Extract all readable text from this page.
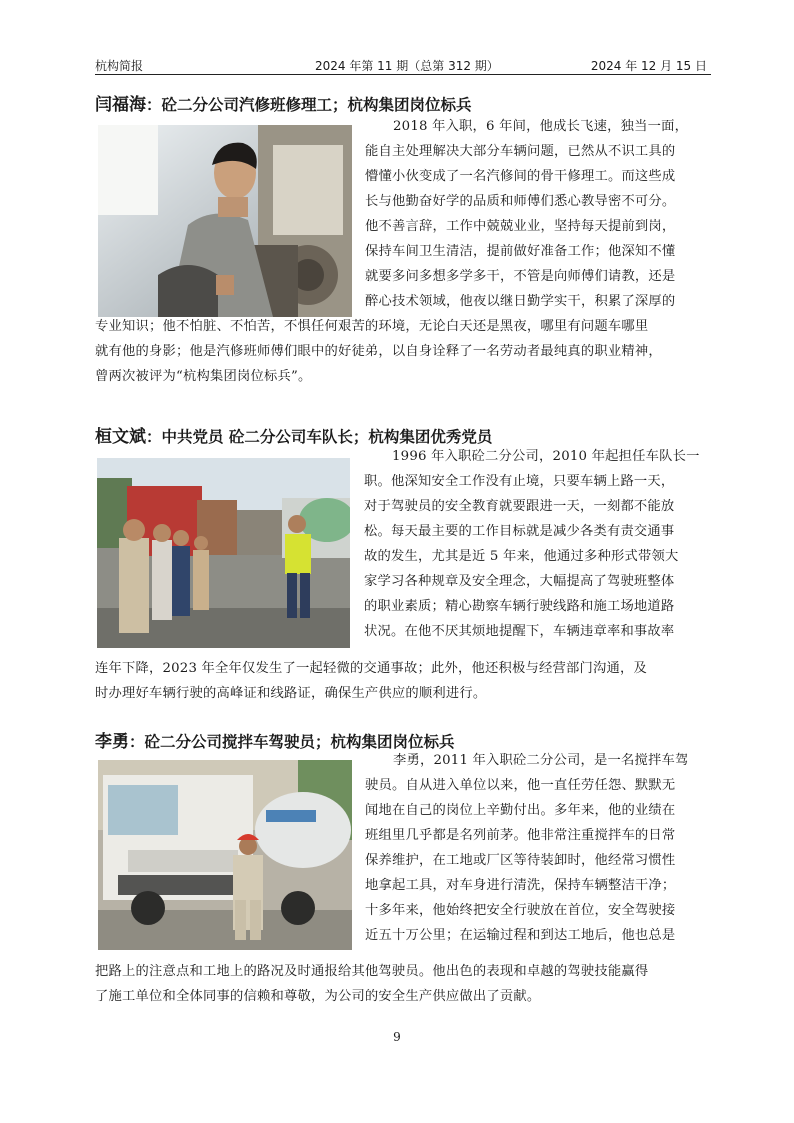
杭构简报	2024 年第 11 期（总第 312 期）	2024 年 12 月 15 日
闫福海：砼二分公司汽修班修理工；杭构集团岗位标兵
2018 年入职，6 年间，他成长飞速，独当一面，
能自主处理解决大部分车辆问题，已然从不识工具的
懵懂小伙变成了一名汽修间的骨干修理工。而这些成
长与他勤奋好学的品质和师傅们悉心教导密不可分。
他不善言辞，工作中兢兢业业，坚持每天提前到岗，
保持车间卫生清洁，提前做好准备工作；他深知不懂
就要多问多想多学多干，不管是向师傅们请教，还是
醉心技术领域，他夜以继日勤学实干，积累了深厚的
专业知识；他不怕脏、不怕苦，不惧任何艰苦的环境，无论白天还是黑夜，哪里有问题车哪里
就有他的身影；他是汽修班师傅们眼中的好徒弟，以自身诠释了一名劳动者最纯真的职业精神，
曾两次被评为“杭构集团岗位标兵”。
桓文斌：中共党员 砼二分公司车队长；杭构集团优秀党员
1996 年入职砼二分公司，2010 年起担任车队长一
职。他深知安全工作没有止境，只要车辆上路一天，
对于驾驶员的安全教育就要跟进一天，一刻都不能放
松。每天最主要的工作目标就是减少各类有责交通事
故的发生，尤其是近 5 年来，他通过多种形式带领大
家学习各种规章及安全理念，大幅提高了驾驶班整体
的职业素质；精心勘察车辆行驶线路和施工场地道路
状况。在他不厌其烦地提醒下，车辆违章率和事故率
连年下降，2023 年全年仅发生了一起轻微的交通事故；此外，他还积极与经营部门沟通，及
时办理好车辆行驶的高峰证和线路证，确保生产供应的顺利进行。
李勇：砼二分公司搅拌车驾驶员；杭构集团岗位标兵
李勇，2011 年入职砼二分公司，是一名搅拌车驾
驶员。自从进入单位以来，他一直任劳任怨、默默无
闻地在自己的岗位上辛勤付出。多年来，他的业绩在
班组里几乎都是名列前茅。他非常注重搅拌车的日常
保养维护，在工地或厂区等待装卸时，他经常习惯性
地拿起工具，对车身进行清洗，保持车辆整洁干净；
十多年来，他始终把安全行驶放在首位，安全驾驶接
近五十万公里；在运输过程和到达工地后，他也总是
把路上的注意点和工地上的路况及时通报给其他驾驶员。他出色的表现和卓越的驾驶技能赢得
了施工单位和全体同事的信赖和尊敬，为公司的安全生产供应做出了贡献。
9
